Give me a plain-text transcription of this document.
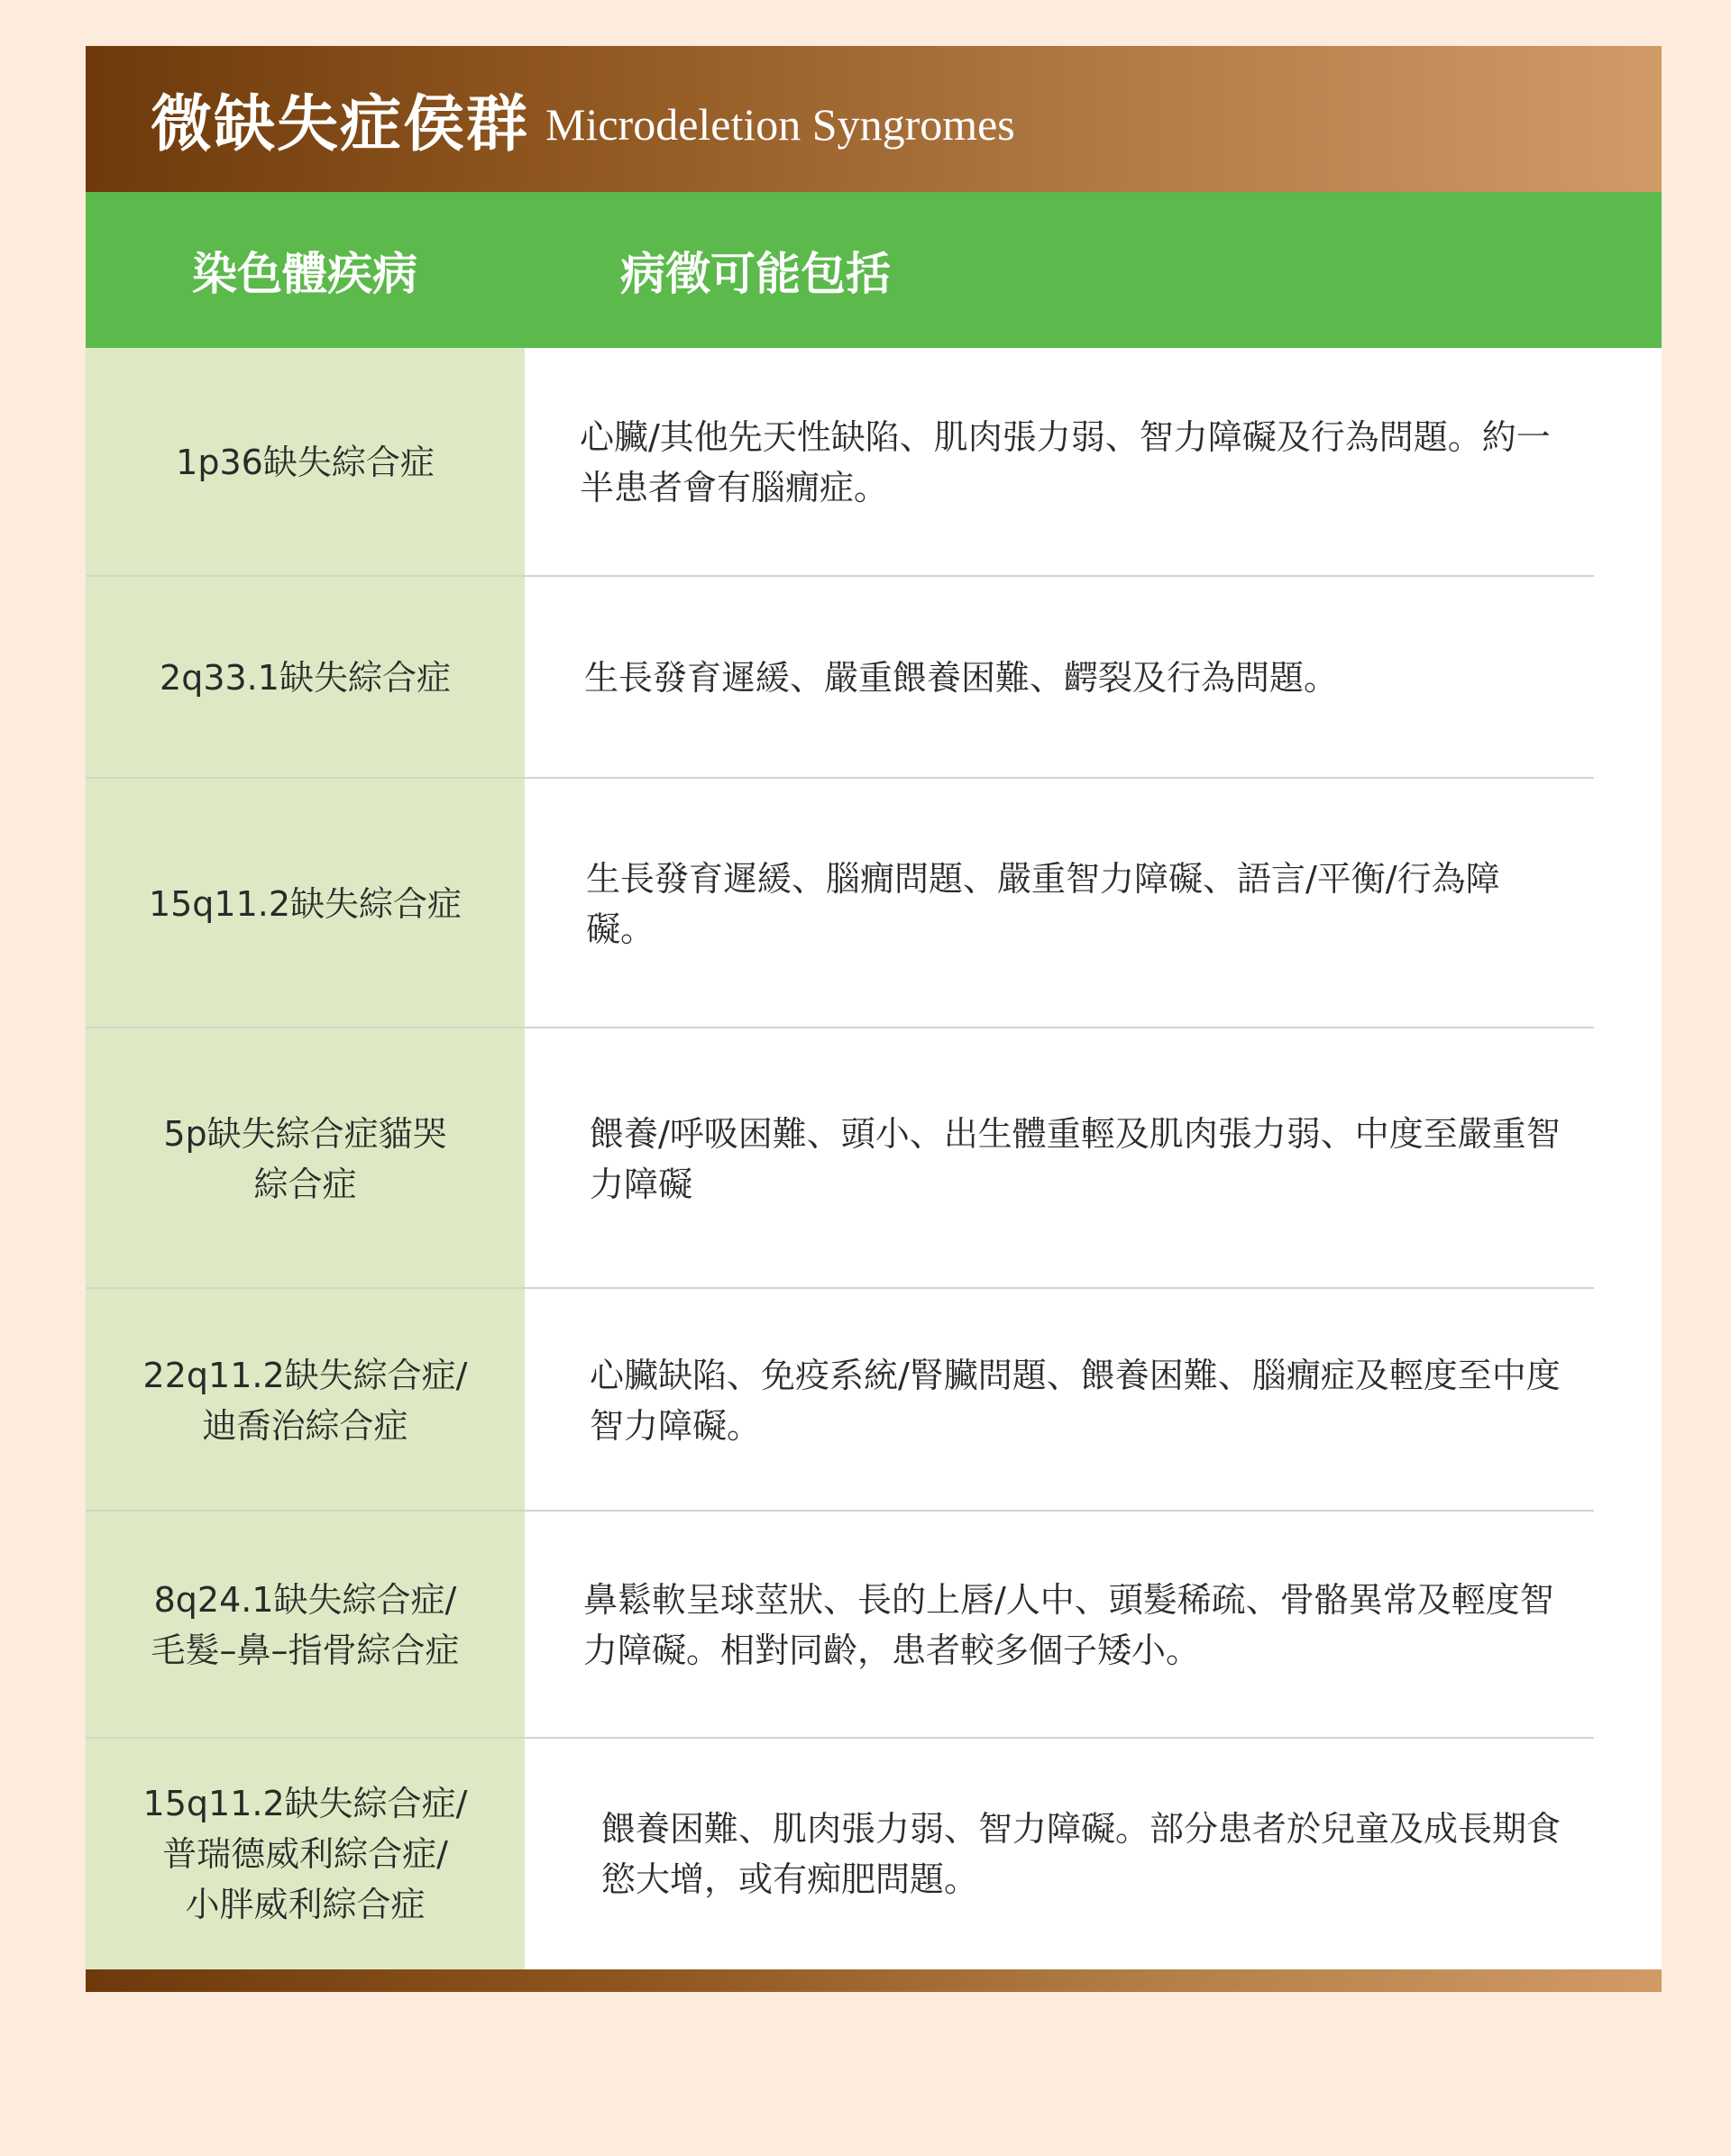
微缺失症侯群 Microdeletion Syngromes
染色體疾病	病徵可能包括
1p36缺失綜合症
心臟/其他先天性缺陷、肌肉張力弱、智力障礙及行為問題。約一半患者會有腦癇症。
2q33.1缺失綜合症	生長發育遲緩、嚴重餵養困難、齶裂及行為問題。
15q11.2缺失綜合症
生長發育遲緩、腦癇問題、嚴重智力障礙、語言/平衡/行為障礙。
5p缺失綜合症貓哭
綜合症
餵養/呼吸困難、頭小、出生體重輕及肌肉張力弱、中度至嚴重智力障礙
22q11.2缺失綜合症/
迪喬治綜合症
心臟缺陷、免疫系統/腎臟問題、餵養困難、腦癇症及輕度至中度智力障礙。
8q24.1缺失綜合症/
毛髮–鼻–指骨綜合症
鼻鬆軟呈球莖狀、長的上唇/人中、頭髮稀疏、骨骼異常及輕度智力障礙。相對同齡，患者較多個子矮小。
15q11.2缺失綜合症/
普瑞德威利綜合症/
小胖威利綜合症
餵養困難、肌肉張力弱、智力障礙。部分患者於兒童及成長期食慾大增，或有痴肥問題。
